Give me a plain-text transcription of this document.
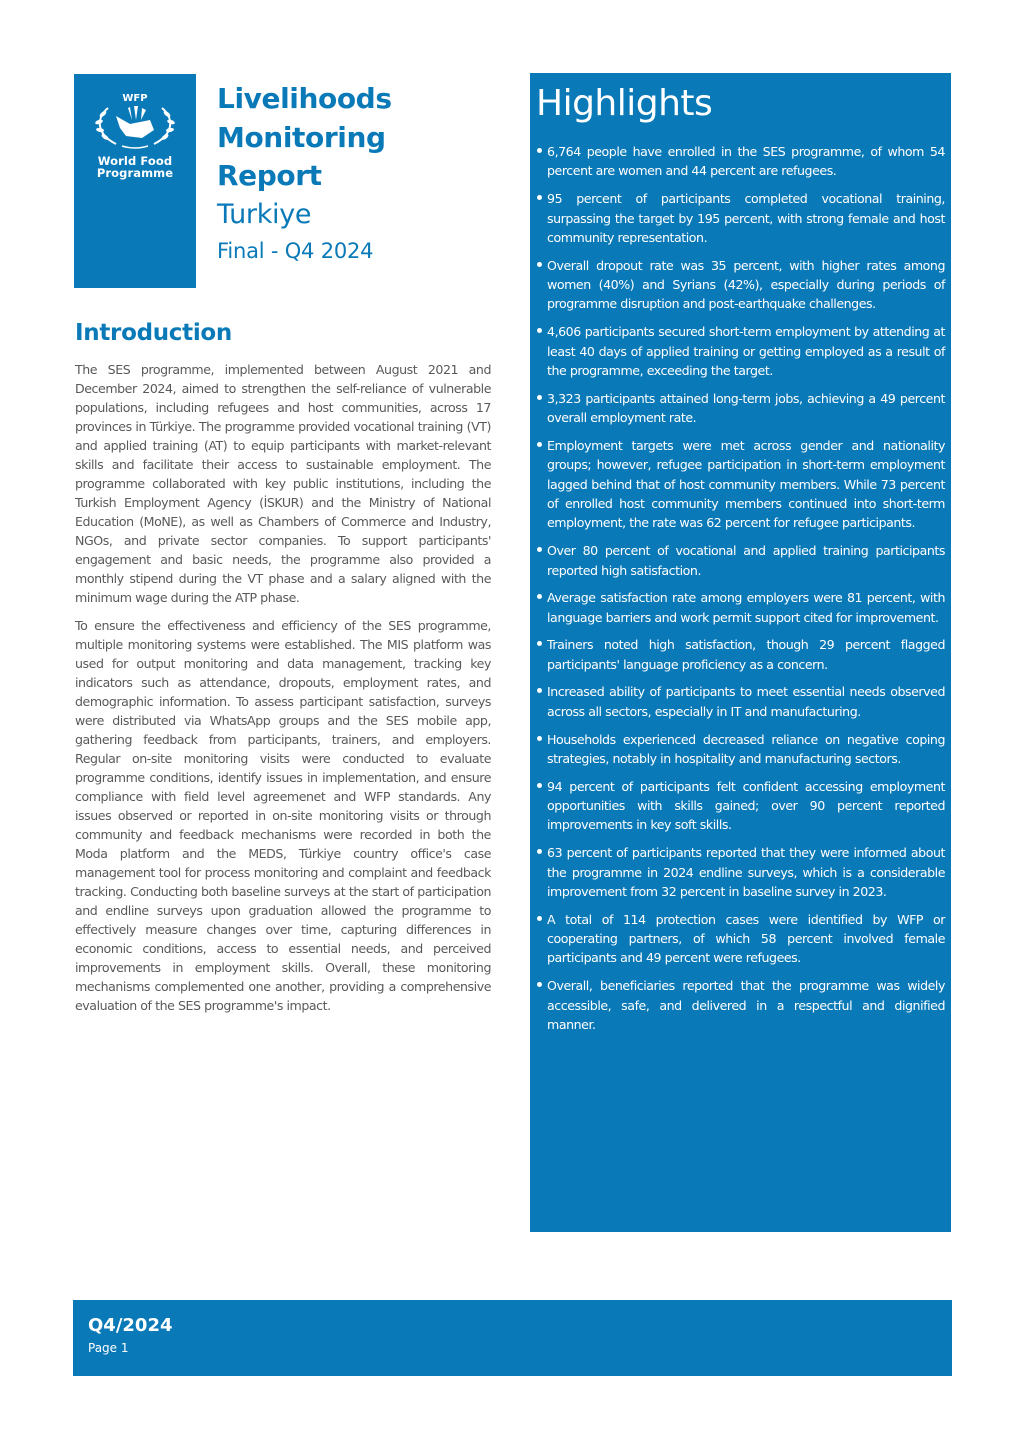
WFP
World Food
Programme
Livelihoods
Monitoring
Report
Turkiye
Final - Q4 2024
Introduction

The SES programme, implemented between August 2021 and December 2024, aimed to strengthen the self-reliance of vulnerable populations, including refugees and host communities, across 17 provinces in Türkiye. The programme provided vocational training (VT) and applied training (AT) to equip participants with market-relevant skills and facilitate their access to sustainable employment. The programme collaborated with key public institutions, including the Turkish Employment Agency (İSKUR) and the Ministry of National Education (MoNE), as well as Chambers of Commerce and Industry, NGOs, and private sector companies. To support participants' engagement and basic needs, the programme also provided a monthly stipend during the VT phase and a salary aligned with the minimum wage during the ATP phase.

To ensure the effectiveness and efficiency of the SES programme, multiple monitoring systems were established. The MIS platform was used for output monitoring and data management, tracking key indicators such as attendance, dropouts, employment rates, and demographic information. To assess participant satisfaction, surveys were distributed via WhatsApp groups and the SES mobile app, gathering feedback from participants, trainers, and employers. Regular on-site monitoring visits were conducted to evaluate programme conditions, identify issues in implementation, and ensure compliance with field level agreemenet and WFP standards. Any issues observed or reported in on-site monitoring visits or through community and feedback mechanisms were recorded in both the Moda platform and the MEDS, Türkiye country office's case management tool for process monitoring and complaint and feedback tracking. Conducting both baseline surveys at the start of participation and endline surveys upon graduation allowed the programme to effectively measure changes over time, capturing differences in economic conditions, access to essential needs, and perceived improvements in employment skills. Overall, these monitoring mechanisms complemented one another, providing a comprehensive evaluation of the SES programme's impact.

Highlights
6,764 people have enrolled in the SES programme, of whom 54 percent are women and 44 percent are refugees.
95 percent of participants completed vocational training, surpassing the target by 195 percent, with strong female and host community representation.
Overall dropout rate was 35 percent, with higher rates among women (40%) and Syrians (42%), especially during periods of programme disruption and post-earthquake challenges.
4,606 participants secured short-term employment by attending at least 40 days of applied training or getting employed as a result of the programme, exceeding the target.
3,323 participants attained long-term jobs, achieving a 49 percent overall employment rate.
Employment targets were met across gender and nationality groups; however, refugee participation in short-term employment lagged behind that of host community members. While 73 percent of enrolled host community members continued into short-term employment, the rate was 62 percent for refugee participants.
Over 80 percent of vocational and applied training participants reported high satisfaction.
Average satisfaction rate among employers were 81 percent, with language barriers and work permit support cited for improvement.
Trainers noted high satisfaction, though 29 percent flagged participants' language proficiency as a concern.
Increased ability of participants to meet essential needs observed across all sectors, especially in IT and manufacturing.
Households experienced decreased reliance on negative coping strategies, notably in hospitality and manufacturing sectors.
94 percent of participants felt confident accessing employment opportunities with skills gained; over 90 percent reported improvements in key soft skills.
63 percent of participants reported that they were informed about the programme in 2024 endline surveys, which is a considerable improvement from 32 percent in baseline survey in 2023.
A total of 114 protection cases were identified by WFP or cooperating partners, of which 58 percent involved female participants and 49 percent were refugees.
Overall, beneficiaries reported that the programme was widely accessible, safe, and delivered in a respectful and dignified manner.
Q4/2024
Page 1
